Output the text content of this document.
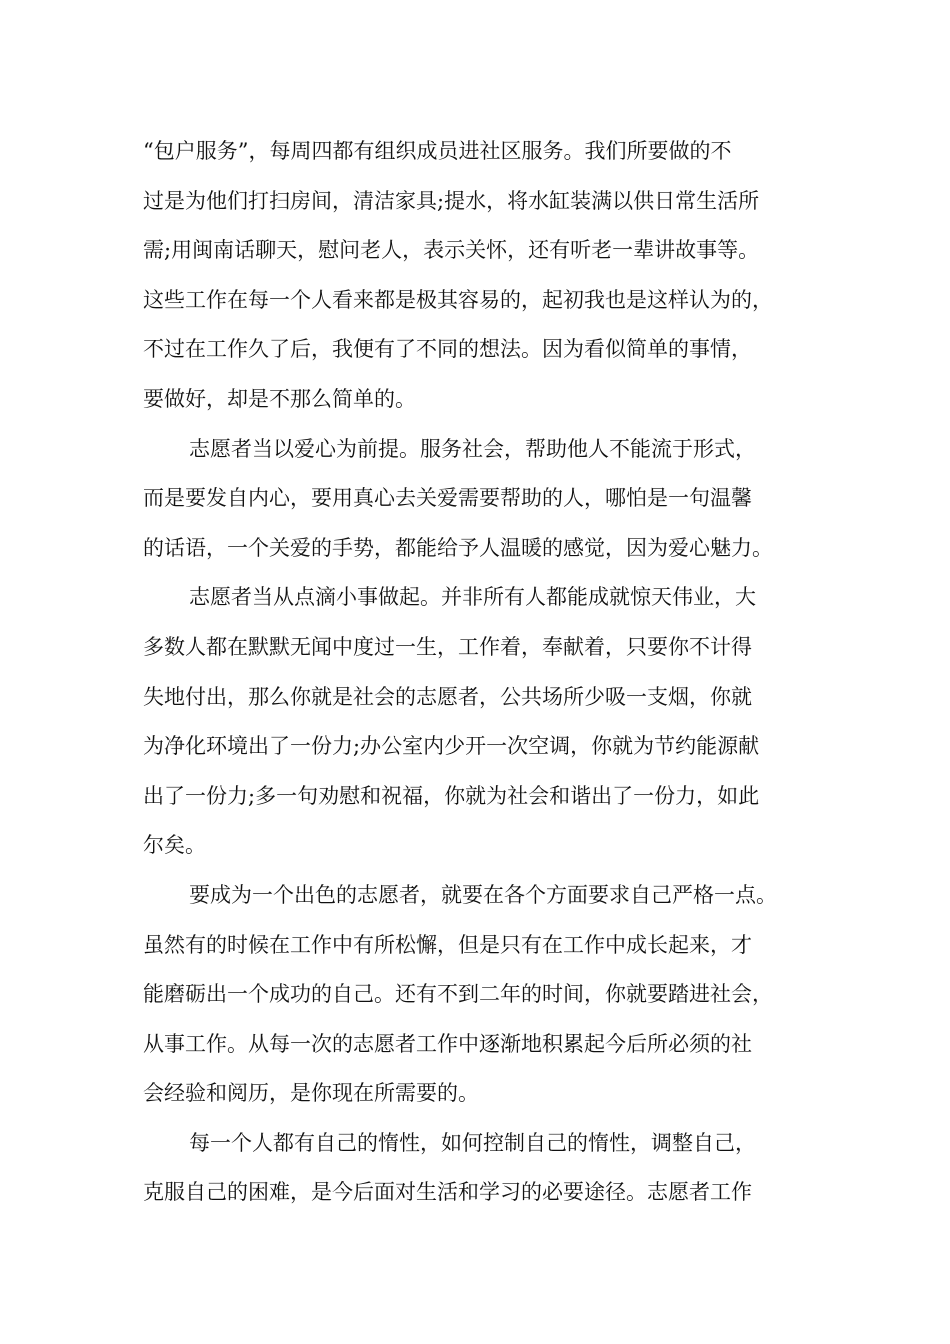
“包户服务”，每周四都有组织成员进社区服务。我们所要做的不
过是为他们打扫房间，清洁家具;提水，将水缸装满以供日常生活所
需;用闽南话聊天，慰问老人，表示关怀，还有听老一辈讲故事等。
这些工作在每一个人看来都是极其容易的，起初我也是这样认为的，
不过在工作久了后，我便有了不同的想法。因为看似简单的事情，
要做好，却是不那么简单的。
志愿者当以爱心为前提。服务社会，帮助他人不能流于形式，
而是要发自内心，要用真心去关爱需要帮助的人，哪怕是一句温馨
的话语，一个关爱的手势，都能给予人温暖的感觉，因为爱心魅力。
志愿者当从点滴小事做起。并非所有人都能成就惊天伟业，大
多数人都在默默无闻中度过一生，工作着，奉献着，只要你不计得
失地付出，那么你就是社会的志愿者，公共场所少吸一支烟，你就
为净化环境出了一份力;办公室内少开一次空调，你就为节约能源献
出了一份力;多一句劝慰和祝福，你就为社会和谐出了一份力，如此
尔矣。
要成为一个出色的志愿者，就要在各个方面要求自己严格一点。
虽然有的时候在工作中有所松懈，但是只有在工作中成长起来，才
能磨砺出一个成功的自己。还有不到二年的时间，你就要踏进社会，
从事工作。从每一次的志愿者工作中逐渐地积累起今后所必须的社
会经验和阅历，是你现在所需要的。
每一个人都有自己的惰性，如何控制自己的惰性，调整自己，
克服自己的困难，是今后面对生活和学习的必要途径。志愿者工作
